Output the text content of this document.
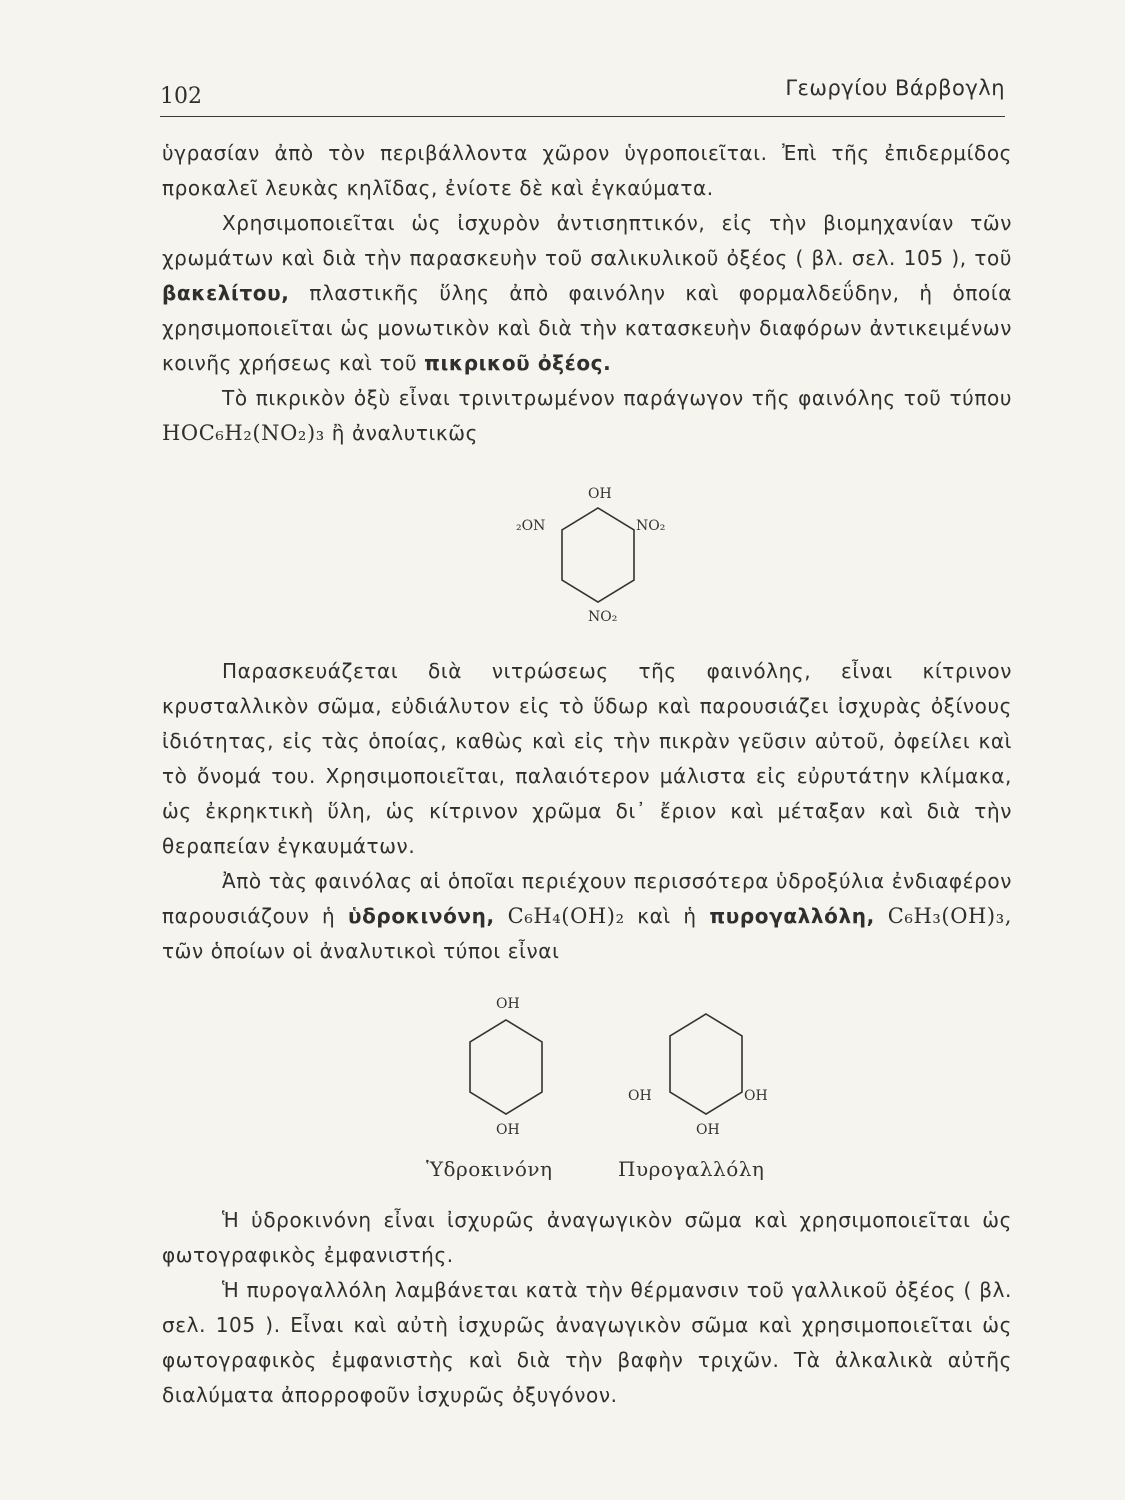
102	Γεωργίου Βάρβογλη

ὑγρασίαν ἀπὸ τὸν περιβάλλοντα χῶρον ὑγροποιεῖται. Ἐπὶ τῆς ἐπιδερμίδος προκαλεῖ λευκὰς κηλῖδας, ἐνίοτε δὲ καὶ ἐγκαύματα.

Χρησιμοποιεῖται ὡς ἰσχυρὸν ἀντισηπτικόν, εἰς τὴν βιομηχανίαν τῶν χρωμάτων καὶ διὰ τὴν παρασκευὴν τοῦ σαλικυλικοῦ ὀξέος ( βλ. σελ. 105 ), τοῦ βακελίτου, πλαστικῆς ὕλης ἀπὸ φαινόλην καὶ φορμαλδεΰδην, ἡ ὁποία χρησιμοποιεῖται ὡς μονωτικὸν καὶ διὰ τὴν κατασκευὴν διαφόρων ἀντικειμένων κοινῆς χρήσεως καὶ τοῦ πικρικοῦ ὀξέος.

Τὸ πικρικὸν ὀξὺ εἶναι τρινιτρωμένον παράγωγον τῆς φαινόλης τοῦ τύπου HOC₆H₂(NO₂)₃ ἢ ἀναλυτικῶς

OH
₂ON	NO₂
NO₂

Παρασκευάζεται διὰ νιτρώσεως τῆς φαινόλης, εἶναι κίτρινον κρυσταλλικὸν σῶμα, εὐδιάλυτον εἰς τὸ ὕδωρ καὶ παρουσιάζει ἰσχυρὰς ὀξίνους ἰδιότητας, εἰς τὰς ὁποίας, καθὼς καὶ εἰς τὴν πικρὰν γεῦσιν αὐτοῦ, ὀφείλει καὶ τὸ ὄνομά του. Χρησιμοποιεῖται, παλαιότερον μάλιστα εἰς εὐρυτάτην κλίμακα, ὡς ἐκρηκτικὴ ὕλη, ὡς κίτρινον χρῶμα δι᾽ ἔριον καὶ μέταξαν καὶ διὰ τὴν θεραπείαν ἐγκαυμάτων.

Ἀπὸ τὰς φαινόλας αἱ ὁποῖαι περιέχουν περισσότερα ὑδροξύλια ἐνδιαφέρον παρουσιάζουν ἡ ὑδροκινόνη, C₆H₄(OH)₂ καὶ ἡ πυρογαλλόλη, C₆H₃(OH)₃, τῶν ὁποίων οἱ ἀναλυτικοὶ τύποι εἶναι

OH
OH
OH	OH
OH
Ὑδροκινόνη	Πυρογαλλόλη

Ἡ ὑδροκινόνη εἶναι ἰσχυρῶς ἀναγωγικὸν σῶμα καὶ χρησιμοποιεῖται ὡς φωτογραφικὸς ἐμφανιστής.

Ἡ πυρογαλλόλη λαμβάνεται κατὰ τὴν θέρμανσιν τοῦ γαλλικοῦ ὀξέος ( βλ. σελ. 105 ). Εἶναι καὶ αὐτὴ ἰσχυρῶς ἀναγωγικὸν σῶμα καὶ χρησιμοποιεῖται ὡς φωτογραφικὸς ἐμφανιστὴς καὶ διὰ τὴν βαφὴν τριχῶν. Τὰ ἀλκαλικὰ αὐτῆς διαλύματα ἀπορροφοῦν ἰσχυρῶς ὀξυγόνον.
